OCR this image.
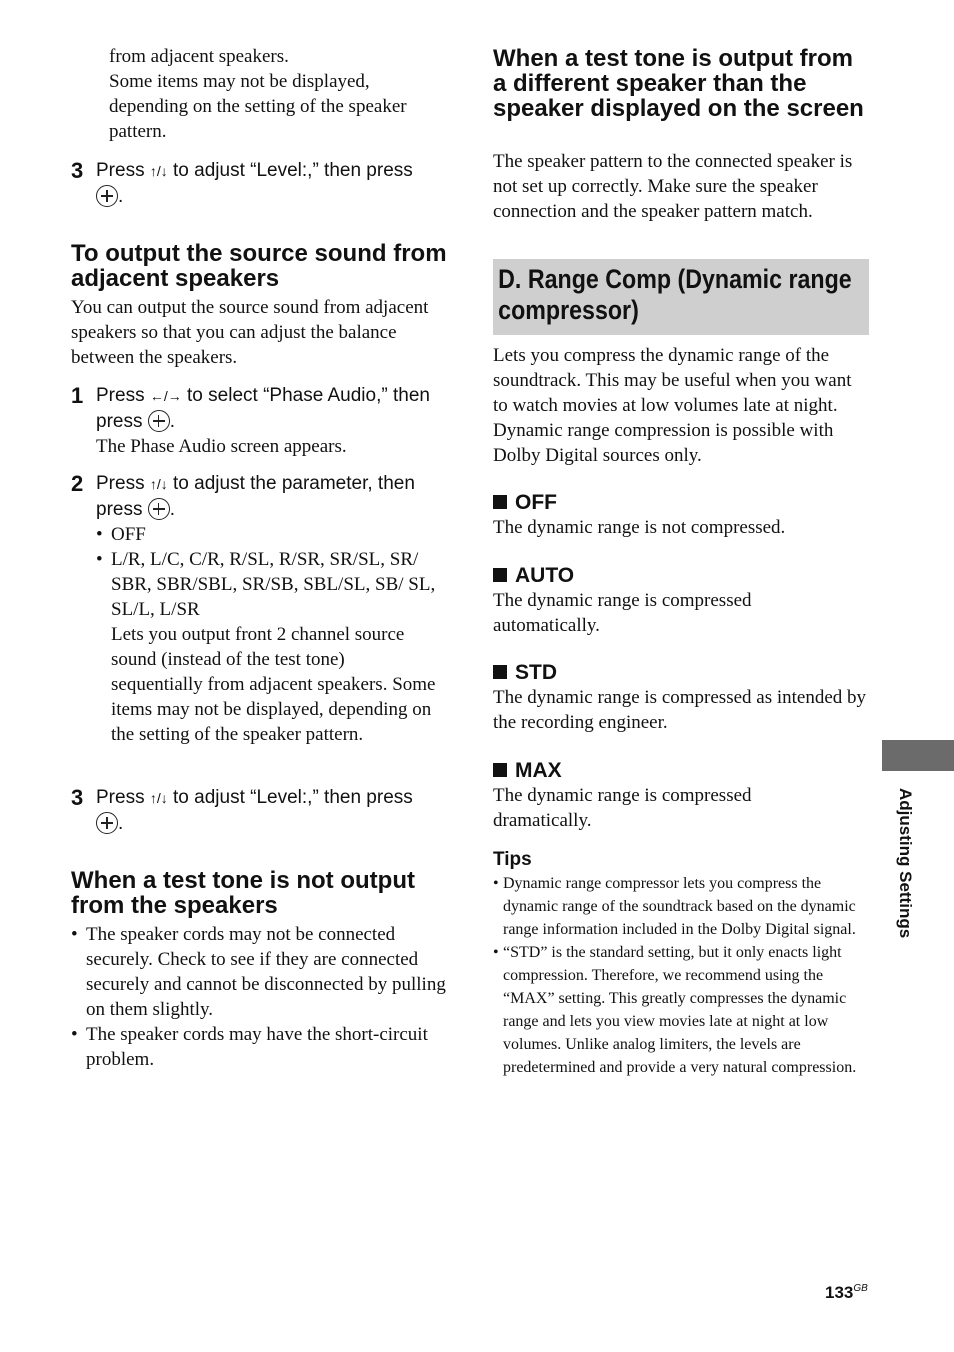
from adjacent speakers.
Some items may not be displayed,
depending on the setting of the speaker
pattern.
3 Press ↑/↓ to adjust “Level:,” then press
.
To output the source sound from adjacent speakers
You can output the source sound from adjacent speakers so that you can adjust the balance between the speakers.
1 Press ←/→ to select “Phase Audio,” then press .
The Phase Audio screen appears.
2 Press ↑/↓ to adjust the parameter, then press .
• OFF
• L/R, L/C, C/R, R/SL, R/SR, SR/SL, SR/ SBR, SBR/SBL, SR/SB, SBL/SL, SB/ SL, SL/L, L/SR
Lets you output front 2 channel source sound (instead of the test tone) sequentially from adjacent speakers. Some items may not be displayed, depending on the setting of the speaker pattern.
3 Press ↑/↓ to adjust “Level:,” then press
.
When a test tone is not output from the speakers
• The speaker cords may not be connected securely. Check to see if they are connected securely and cannot be disconnected by pulling on them slightly.
• The speaker cords may have the short-circuit problem.
When a test tone is output from a different speaker than the speaker displayed on the screen
The speaker pattern to the connected speaker is not set up correctly. Make sure the speaker connection and the speaker pattern match.
D. Range Comp (Dynamic range compressor)
Lets you compress the dynamic range of the soundtrack. This may be useful when you want to watch movies at low volumes late at night. Dynamic range compression is possible with Dolby Digital sources only.
OFF
The dynamic range is not compressed.
AUTO
The dynamic range is compressed automatically.
STD
The dynamic range is compressed as intended by the recording engineer.
MAX
The dynamic range is compressed dramatically.
Tips
• Dynamic range compressor lets you compress the dynamic range of the soundtrack based on the dynamic range information included in the Dolby Digital signal.
• “STD” is the standard setting, but it only enacts light compression. Therefore, we recommend using the “MAX” setting. This greatly compresses the dynamic range and lets you view movies late at night at low volumes. Unlike analog limiters, the levels are predetermined and provide a very natural compression.
Adjusting Settings
$133^{GB}$
